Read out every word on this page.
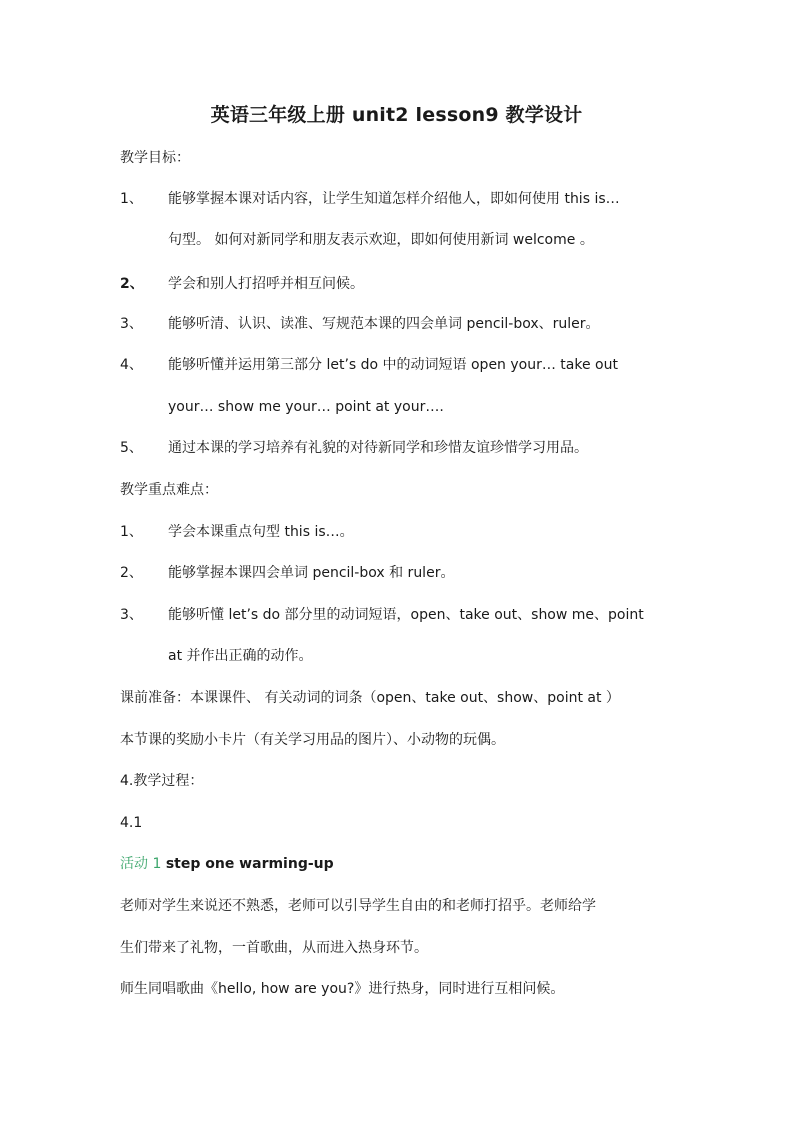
英语三年级上册 unit2 lesson9 教学设计
教学目标：
1、 能够掌握本课对话内容，让学生知道怎样介绍他人，即如何使用 this is…
句型。 如何对新同学和朋友表示欢迎，即如何使用新词 welcome 。
2、 学会和别人打招呼并相互问候。
3、 能够听清、认识、读准、写规范本课的四会单词 pencil-box、ruler。
4、 能够听懂并运用第三部分 let’s do 中的动词短语 open your… take out
your… show me your… point at your….
5、 通过本课的学习培养有礼貌的对待新同学和珍惜友谊珍惜学习用品。
教学重点难点：
1、 学会本课重点句型 this is…。
2、 能够掌握本课四会单词 pencil-box 和 ruler。
3、 能够听懂 let’s do 部分里的动词短语，open、take out、show me、point
at 并作出正确的动作。
课前准备：本课课件、 有关动词的词条（open、take out、show、point at ）
本节课的奖励小卡片（有关学习用品的图片）、小动物的玩偶。
4.教学过程：
4.1
活动 1 step one warming-up
老师对学生来说还不熟悉，老师可以引导学生自由的和老师打招乎。老师给学
生们带来了礼物，一首歌曲，从而进入热身环节。
师生同唱歌曲《hello, how are you?》进行热身，同时进行互相问候。
